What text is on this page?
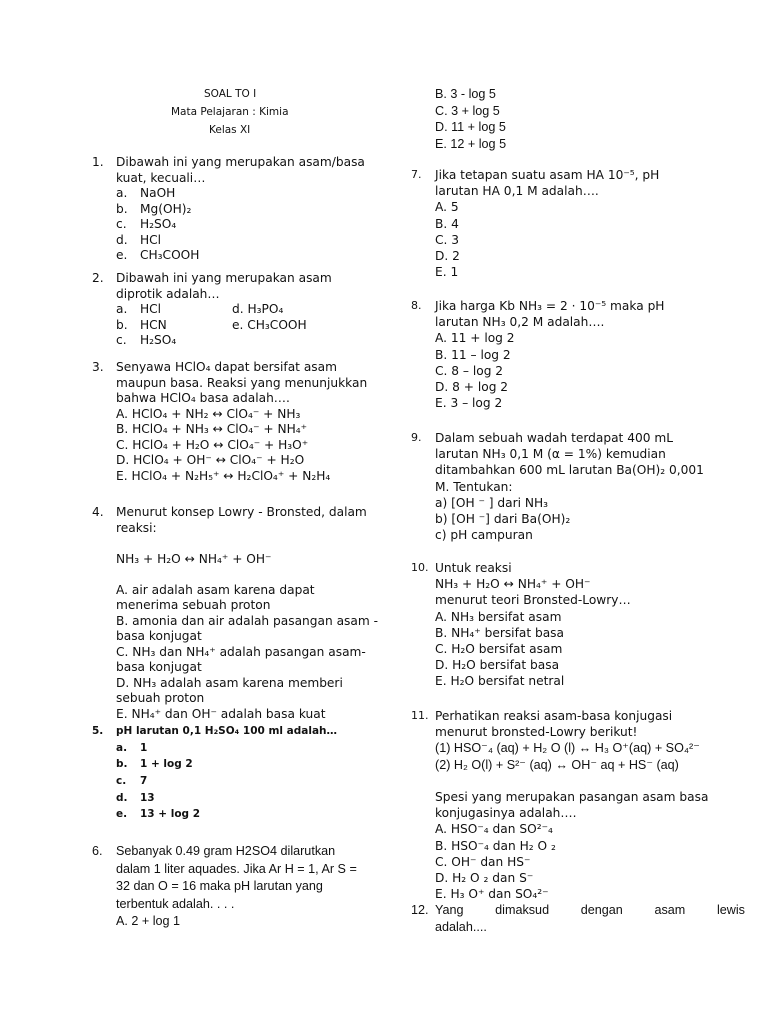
SOAL TO I
Mata Pelajaran : Kimia
Kelas XI
1. Dibawah ini yang merupakan asam/basa
kuat, kecuali…
a.	NaOH
b.	Mg(OH)₂
c.	H₂SO₄
d.	HCl
e.	CH₃COOH
2. Dibawah ini yang merupakan asam
diprotik adalah…
a.	HCl	d. H₃PO₄
b.	HCN	e. CH₃COOH
c.	H₂SO₄
3. Senyawa HClO₄ dapat bersifat asam
maupun basa. Reaksi yang menunjukkan
bahwa HClO₄ basa adalah….
A. HClO₄ + NH₂ ↔ ClO₄⁻ + NH₃
B. HClO₄ + NH₃ ↔ ClO₄⁻ + NH₄⁺
C. HClO₄ + H₂O ↔ ClO₄⁻ + H₃O⁺
D. HClO₄ + OH⁻ ↔ ClO₄⁻ + H₂O
E. HClO₄ + N₂H₅⁺ ↔ H₂ClO₄⁺ + N₂H₄
4. Menurut konsep Lowry - Bronsted, dalam
reaksi:
NH₃ + H₂O ↔ NH₄⁺ + OH⁻
A. air adalah asam karena dapat
menerima sebuah proton
B. amonia dan air adalah pasangan asam -
basa konjugat
C. NH₃ dan NH₄⁺ adalah pasangan asam-
basa konjugat
D. NH₃ adalah asam karena memberi
sebuah proton
E. NH₄⁺ dan OH⁻ adalah basa kuat
5. pH larutan 0,1 H₂SO₄ 100 ml adalah…
a.	1
b.	1 + log 2
c.	7
d.	13
e.	13 + log 2
6. Sebanyak 0.49 gram H2SO4 dilarutkan
dalam 1 liter aquades. Jika Ar H = 1, Ar S =
32 dan O = 16 maka pH larutan yang
terbentuk adalah. . . .
A. 2 + log 1
B. 3 - log 5
C. 3 + log 5
D. 11 + log 5
E. 12 + log 5
7. Jika tetapan suatu asam HA 10⁻⁵, pH
larutan HA 0,1 M adalah….
A. 5
B. 4
C. 3
D. 2
E. 1
8. Jika harga Kb NH₃ = 2 · 10⁻⁵ maka pH
larutan NH₃ 0,2 M adalah….
A. 11 + log 2
B. 11 – log 2
C. 8 – log 2
D. 8 + log 2
E. 3 – log 2
9. Dalam sebuah wadah terdapat 400 mL
larutan NH₃ 0,1 M (α = 1%) kemudian
ditambahkan 600 mL larutan Ba(OH)₂ 0,001
M. Tentukan:
a) [OH ⁻ ] dari NH₃
b) [OH ⁻] dari Ba(OH)₂
c) pH campuran
10. Untuk reaksi
NH₃ + H₂O ↔ NH₄⁺ + OH⁻
menurut teori Bronsted-Lowry…
A. NH₃ bersifat asam
B. NH₄⁺ bersifat basa
C. H₂O bersifat asam
D. H₂O bersifat basa
E. H₂O bersifat netral
11. Perhatikan reaksi asam-basa konjugasi
menurut bronsted-Lowry berikut!
(1) HSO⁻₄ (aq) + H₂ O (l) ↔ H₃ O⁺(aq) + SO₄²⁻
(2) H₂ O(l) + S²⁻ (aq) ↔ OH⁻ aq + HS⁻ (aq)
Spesi yang merupakan pasangan asam basa
konjugasinya adalah….
A. HSO⁻₄ dan SO²⁻₄
B. HSO⁻₄ dan H₂ O ₂
C. OH⁻ dan HS⁻
D. H₂ O ₂ dan S⁻
E. H₃ O⁺ dan SO₄²⁻
12. Yang	dimaksud	dengan	asam	lewis
adalah....
